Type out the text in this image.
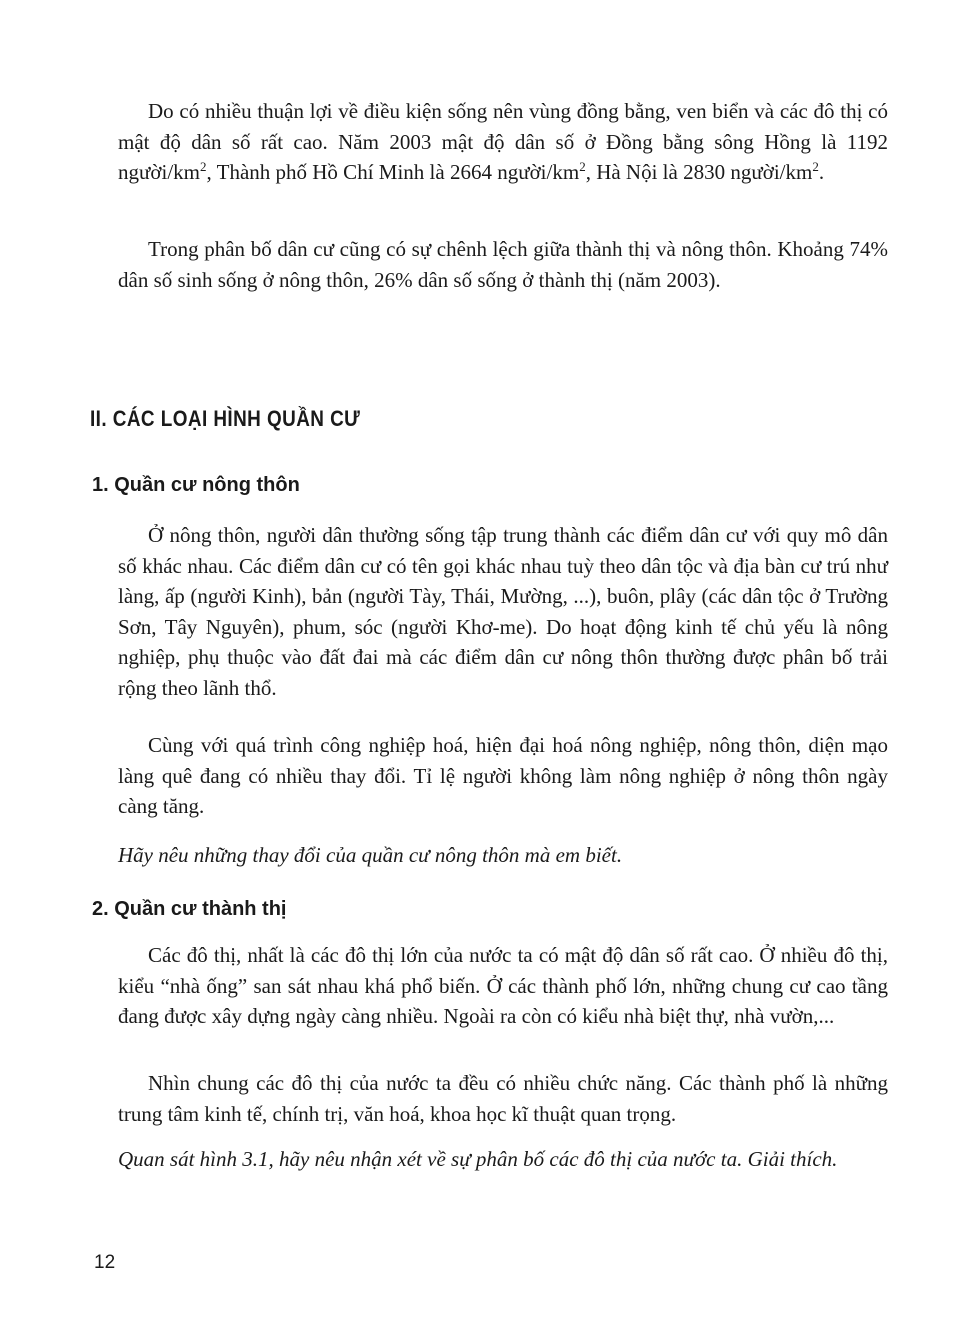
Do có nhiều thuận lợi về điều kiện sống nên vùng đồng bằng, ven biển và các đô thị có mật độ dân số rất cao. Năm 2003 mật độ dân số ở Đồng bằng sông Hồng là 1192 người/$km^2$, Thành phố Hồ Chí Minh là 2664 người/$km^2$, Hà Nội là 2830 người/$km^2$.

Trong phân bố dân cư cũng có sự chênh lệch giữa thành thị và nông thôn. Khoảng 74% dân số sinh sống ở nông thôn, 26% dân số sống ở thành thị (năm 2003).

II. CÁC LOẠI HÌNH QUẦN CƯ
1. Quần cư nông thôn

Ở nông thôn, người dân thường sống tập trung thành các điểm dân cư với quy mô dân số khác nhau. Các điểm dân cư có tên gọi khác nhau tuỳ theo dân tộc và địa bàn cư trú như làng, ấp (người Kinh), bản (người Tày, Thái, Mường, ...), buôn, plây (các dân tộc ở Trường Sơn, Tây Nguyên), phum, sóc (người Khơ-me). Do hoạt động kinh tế chủ yếu là nông nghiệp, phụ thuộc vào đất đai mà các điểm dân cư nông thôn thường được phân bố trải rộng theo lãnh thổ.

Cùng với quá trình công nghiệp hoá, hiện đại hoá nông nghiệp, nông thôn, diện mạo làng quê đang có nhiều thay đổi. Tỉ lệ người không làm nông nghiệp ở nông thôn ngày càng tăng.

Hãy nêu những thay đổi của quần cư nông thôn mà em biết.

2. Quần cư thành thị

Các đô thị, nhất là các đô thị lớn của nước ta có mật độ dân số rất cao. Ở nhiều đô thị, kiểu “nhà ống” san sát nhau khá phổ biến. Ở các thành phố lớn, những chung cư cao tầng đang được xây dựng ngày càng nhiều. Ngoài ra còn có kiểu nhà biệt thự, nhà vườn,...

Nhìn chung các đô thị của nước ta đều có nhiều chức năng. Các thành phố là những trung tâm kinh tế, chính trị, văn hoá, khoa học kĩ thuật quan trọng.

Quan sát hình 3.1, hãy nêu nhận xét về sự phân bố các đô thị của nước ta. Giải thích.

12
